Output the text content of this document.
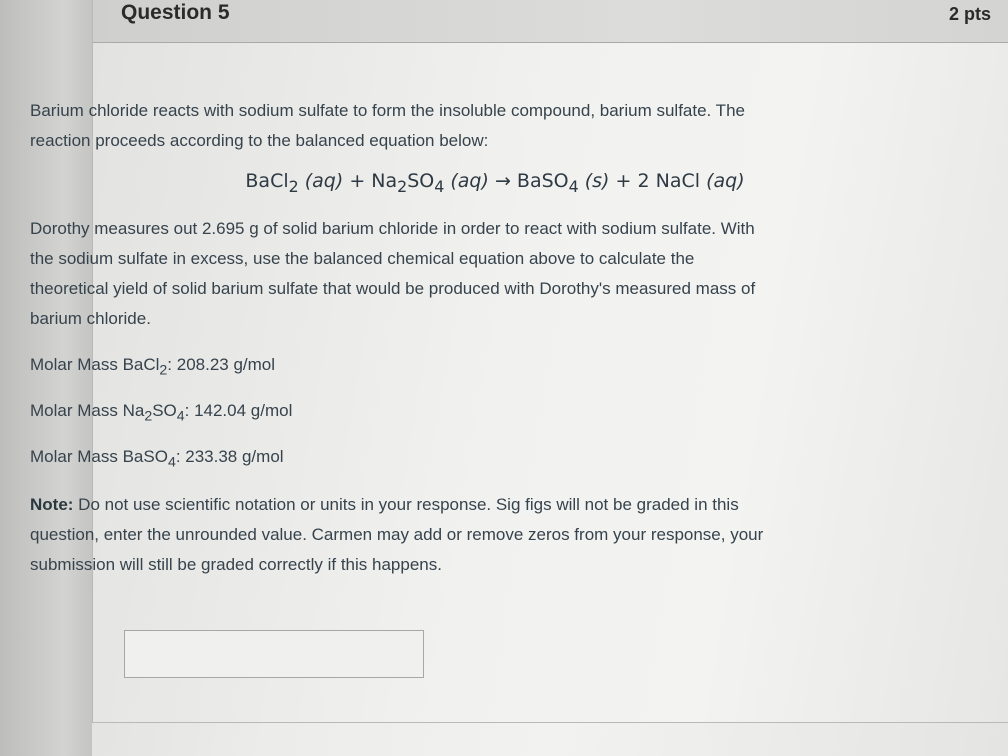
Question 5	2 pts

Barium chloride reacts with sodium sulfate to form the insoluble compound, barium sulfate. The
reaction proceeds according to the balanced equation below:

BaCl$_2$ $(aq) + Na_2SO_4$ (aq) → BaSO$_4$ (s) + 2 NaCl (aq)

Dorothy measures out 2.695 g of solid barium chloride in order to react with sodium sulfate. With
the sodium sulfate in excess, use the balanced chemical equation above to calculate the
theoretical yield of solid barium sulfate that would be produced with Dorothy's measured mass of
barium chloride.

Molar Mass BaCl$_2$: 208.23 g/mol
Molar Mass $Na_2SO_4$: 142.04 g/mol
Molar Mass BaSO$_4$: 233.38 g/mol

Note: Do not use scientific notation or units in your response. Sig figs will not be graded in this
question, enter the unrounded value. Carmen may add or remove zeros from your response, your
submission will still be graded correctly if this happens.
